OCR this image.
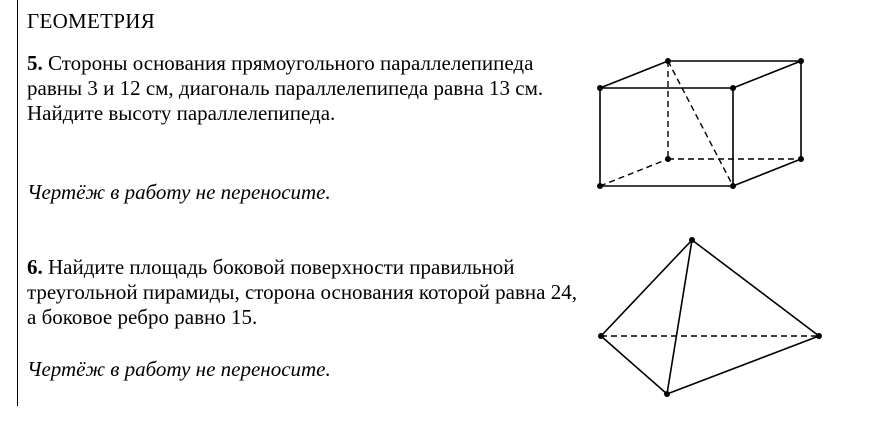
ГЕОМЕТРИЯ
5. Стороны основания прямоугольного параллелепипеда равны 3 и 12 см, диагональ параллелепипеда равна 13 см. Найдите высоту параллелепипеда.
Чертёж в работу не переносите.
6. Найдите площадь боковой поверхности правильной треугольной пирамиды, сторона основания которой равна 24, а боковое ребро равно 15.
Чертёж в работу не переносите.
